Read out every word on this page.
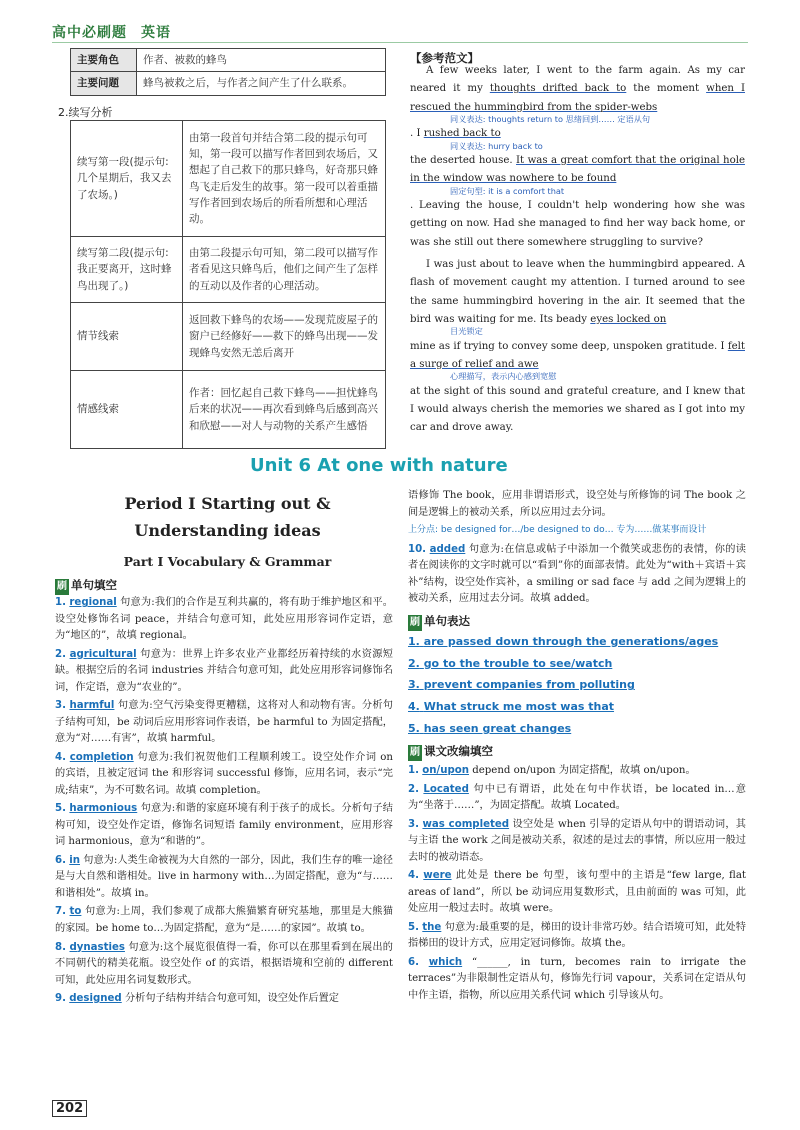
高中必刷题 英语
主要角色	作者、被救的蜂鸟
主要问题	蜂鸟被救之后，与作者之间产生了什么联系。
2.续写分析
续写第一段(提示句:几个星期后，我又去了农场。)	由第一段首句并结合第二段的提示句可知，第一段可以描写作者回到农场后，又想起了自己救下的那只蜂鸟，好奇那只蜂鸟飞走后发生的故事。第一段可以着重描写作者回到农场后的所看所想和心理活动。
续写第二段(提示句:我正要离开，这时蜂鸟出现了。)	由第二段提示句可知，第二段可以描写作者看见这只蜂鸟后，他们之间产生了怎样的互动以及作者的心理活动。
情节线索	返回救下蜂鸟的农场——发现荒废屋子的窗户已经修好——救下的蜂鸟出现——发现蜂鸟安然无恙后离开
情感线索	作者：回忆起自己救下蜂鸟——担忧蜂鸟后来的状况——再次看到蜂鸟后感到高兴和欣慰——对人与动物的关系产生感悟
【参考范文】

A few weeks later, I went to the farm again. As my car neared it my thoughts drifted back to the moment when I rescued the hummingbird from the spider-webs
同义表达: thoughts return to 思绪回到…… 定语从句
. I rushed back to
同义表达: hurry back to
the deserted house. It was a great comfort that the original hole in the window was nowhere to be found
固定句型: it is a comfort that
. Leaving the house, I couldn't help wondering how she was getting on now. Had she managed to find her way back home, or was she still out there somewhere struggling to survive?

I was just about to leave when the hummingbird appeared. A flash of movement caught my attention. I turned around to see the same hummingbird hovering in the air. It seemed that the bird was waiting for me. Its beady eyes locked on
目光锁定
mine as if trying to convey some deep, unspoken gratitude. I felt a surge of relief and awe
心理描写，表示内心感到宽慰
at the sight of this sound and grateful creature, and I knew that I would always cherish the memories we shared as I got into my car and drove away.

Unit 6 At one with nature
Period Ⅰ Starting out &
Understanding ideas
Part Ⅰ Vocabulary & Grammar
刷 单句填空
1. regional 句意为:我们的合作是互利共赢的，将有助于维护地区和平。设空处修饰名词 peace，并结合句意可知，此处应用形容词作定语，意为“地区的”，故填 regional。
2. agricultural 句意为：世界上许多农业产业都经历着持续的水资源短缺。根据空后的名词 industries 并结合句意可知，此处应用形容词修饰名词，作定语，意为“农业的”。
3. harmful 句意为:空气污染变得更糟糕，这将对人和动物有害。分析句子结构可知，be 动词后应用形容词作表语，be harmful to 为固定搭配，意为“对……有害”，故填 harmful。
4. completion 句意为:我们祝贺他们工程顺利竣工。设空处作介词 on 的宾语，且被定冠词 the 和形容词 successful 修饰，应用名词，表示“完成;结束”，为不可数名词。故填 completion。
5. harmonious 句意为:和谐的家庭环境有利于孩子的成长。分析句子结构可知，设空处作定语，修饰名词短语 family environment，应用形容词 harmonious，意为“和谐的”。
6. in 句意为:人类生命被视为大自然的一部分，因此，我们生存的唯一途径是与大自然和谐相处。live in harmony with…为固定搭配，意为“与……和谐相处”。故填 in。
7. to 句意为:上周，我们参观了成都大熊猫繁育研究基地，那里是大熊猫的家园。be home to…为固定搭配，意为“是……的家园”。故填 to。
8. dynasties 句意为:这个展览很值得一看，你可以在那里看到在展出的不同朝代的精美花瓶。设空处作 of 的宾语，根据语境和空前的 different 可知，此处应用名词复数形式。
9. designed 分析句子结构并结合句意可知，设空处作后置定
语修饰 The book，应用非谓语形式，设空处与所修饰的词 The book 之间是逻辑上的被动关系，所以应用过去分词。
上分点: be designed for…/be designed to do… 专为……做某事而设计
10. added 句意为:在信息或帖子中添加一个微笑或悲伤的表情，你的读者在阅读你的文字时就可以“看到”你的面部表情。此处为“with＋宾语＋宾补”结构，设空处作宾补，a smiling or sad face 与 add 之间为逻辑上的被动关系，应用过去分词。故填 added。
刷 单句表达
1. are passed down through the generations/ages
2. go to the trouble to see/watch
3. prevent companies from polluting
4. What struck me most was that
5. has seen great changes
刷 课文改编填空
1. on/upon depend on/upon 为固定搭配，故填 on/upon。
2. Located 句中已有谓语，此处在句中作状语，be located in…意为“坐落于……”，为固定搭配。故填 Located。
3. was completed 设空处是 when 引导的定语从句中的谓语动词，其与主语 the work 之间是被动关系，叙述的是过去的事情，所以应用一般过去时的被动语态。
4. were 此处是 there be 句型，该句型中的主语是“few large, flat areas of land”，所以 be 动词应用复数形式，且由前面的 was 可知，此处应用一般过去时。故填 were。
5. the 句意为:最重要的是，梯田的设计非常巧妙。结合语境可知，此处特指梯田的设计方式，应用定冠词修饰。故填 the。
6. which “______, in turn, becomes rain to irrigate the terraces”为非限制性定语从句，修饰先行词 vapour，关系词在定语从句中作主语，指物，所以应用关系代词 which 引导该从句。
202
